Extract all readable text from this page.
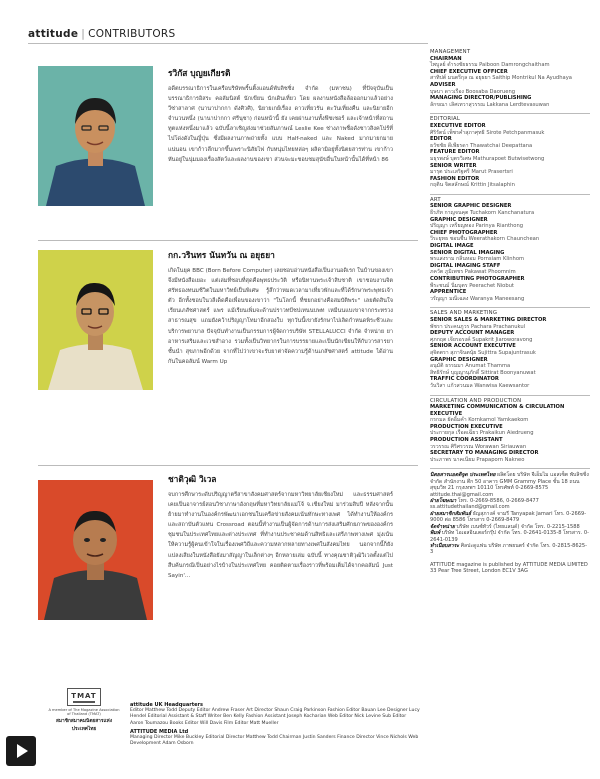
attitude | CONTRIBUTORS
รวิกัส บุญยเกียรติ
อดีตบรรณาธิการในเครือบริษัทพริ้นติ้งแอนด์พับลิชชิ่ง จำกัด (มหาชน) ที่ปัจจุบันเป็น บรรณาธิการอิสระ คอลัมนิสต์ นักเขียน นักเดินเที่ยว โดย ผลงานหนังสือล้อออกมาแล้วอย่าง วีซ่าสาลาศ (นานาปากกา ดังศิวศิ), นิยายเกย์เรื่อง ดาวเที่ยวรัน ตะวันเที่ยงคืน และนิยายอีกจำนวนหนึ่ง (นานาปากกา ศรีนุชา) ก่อนหน้านี้ ยัง เคยผ่านงานทั้งฟีชเชอร์ และเจ้าหน้าที่สถานทูตแห่งหนึ่งมาแล้ว ฉบับนี้ลาเชิญส่งมาช่วยสัมภาษณ์ Leslie Kee ช่างภาพชื่อดังชาวสิงคโปร์ที่ไปโด่งดังในญี่ปุ่น ซึ่งมีผลงานภาพถ่ายทั้ง แบบ Half-naked และ Naked มากมายกมาย แน่นอน เขาก้าวลึกมากขึ้นเพราะนิสัยไฟ กับหนุ่มไทยหล่อๆ ผลิดามิอยู่ทั้งนิตยสารท่าน เขาก้าวหันอยู่ในนุ่มมองเรื่องสัตว์และผลงานของเขา ส่วนจะมะชอบชมสุนัขอื่นในหน้านั้นได้ที่หน้า 86
กก.วรินทร นันทวัน ณ อยุธยา
เกิดในยุค BBC (Born Before Computer) เลยชอบอ่านหนังสือเป็นงานอดิเรก ในบ้านของเขาจึงมีหนังสือเยอะ แต่เล่มที่ชอบที่สุดคือพุทธประวัติ หรือนิทานพระเจ้าสิบชาติ เขาชอบงานจิตศรัทธองทนมชีวิตในมหาวิทย์เป็นพิเศษ รู้สึกว่าหมดเวลามาเที่ยวพักและที่ได้รักษาพระพุทธเจ้าตัว อีกทั้งชอบในวลีเด็ดคือเพื่อนของเขาว่า "ในโลกนี้ ที่ชยกอย่างคือสมบัติพระ" เลยตัดสินใจเรียนเภสัชศาสตร์ แพร แม้เรียนเพิ่มจะด้านปราวทบีชปเทนนบพท เหมีนนแบเขาจากกระทรวงสาธารณสุข แถมยังคว้าปริญญาโทมาอีกสองใบ ทุกวันนี้เขายังรักษาไปเลิดกำหนดพิระชีวและบริการพยาบาล ปัจจุบันทำงานเป็นกรรมการผู้จัดการบริษัท STELLALUCCI จำกัด จำหน่าย ยา อาหารเสริมและเวชสำอาง รวมทั้งเป็นวิทยากรในการบรรยายและเป็นนักเขียนให้กับวารสารยาชั้นนำ สุขภาพอีกด้วย จากที่ไปว่าเขาจะรับยาต่าจัดความรู้ด้านเภสัชศาสตร์ attitude ได้อ่านกันในคอลัมน์ Warm Up
ชาติวุฒิ วิเวล
จบการศึกษาระดับปริญญาตรีสาขาสังคมศาสตร์จากมหาวิทยาลัยเชียงใหม่ และธรรมศาสตร์ เคยเป็นอาจารย์สอนวิชาภาษาอังกฤษที่มหาวิทยาลัยแม่โจ้ จ.เชียงใหม่ มาร่วมสิบปี หลังจากนั้นย้ายมาทำงานในองค์กรพัฒนาเอกชนในเครือข่ายสังคมเน้นทักษะทางเพศ ได้ทำงานให้องค์กรและสถาบันตัวแทน Crossroad ตอนนี้ทำงานเป็นผู้จัดการด้านการส่งเสริมศักยภาพขององค์กรชุมชนในประเทศไทยและต่างประเทศ ที่ทำงานประชาคมด้านสิทธิและเสรีภาพทางเพศ มุ่งเน้นให้ความรู้ผู้คนเข้าใจในเรื่องเพศวิถีและความหลากหลายทางเพศในสังคมไทย นอกจากนี้ก็ยังแปลงเสียงในหนังสือยังมาสัญญาในเล็กต่างๆ อีกหลายเล่ม ฉบับนี้ ทางคุณชาติวุฒิวิเวลตั้งแต่ไปสืบค้นกรณีเป็นอย่างไรบ้างในประเทศไทย คอยติดตามเรื่องราวที่พร้อมเต็มได้จากคอลัมน์ Just Sayin'...
MANAGEMENT
CHAIRMAN
ไพบูลย์ ดำรงชัยธรรม Paiboon Damrongchaitham
CHIEF EXECUTIVE OFFICER
สาทิปต์ มนตรีกุล ณ อยุธยา Saithip Montrikul Na Ayudhaya
ADVISER
บุษบา ดาวเรือง Boosaba Daorueng
MANAGING DIRECTOR/PUBLISHING
ลักขณา เลิศเทวาสุวรรณ Lakkana Lerdtevasuwan
EDITORIAL
EXECUTIVE EDITOR
ศิริรัตน์ เพ็ชรคำสุภาศุทธิ Sirote Petchpanmasuk
EDITOR
ธวัชชัย ดีเพียรดา Thawatchai Deepattana
FEATURE EDITOR
มธุรพงษ์ บุตรวิเศษ Mathurapoet Butwisetwong
SENIOR WRITER
มารุต ประเสริฐศรี Marut Prasertsri
FASHION EDITOR
กฤติน จิตสลักษณ์ Krittin Jitsalaphin
ART
SENIOR GRAPHIC DESIGNER
ธีรภัท กาญจนคุต Tuchakorn Kanchanatura
GRAPHIC DESIGNER
ปริญญา เหรียญทอง Parinya Rianthong
CHIEF PHOTOGRAPHER
วีระยุทธ ชอนชื่น Weerathakorn Chaunchean
DIGITAL IMAGE
SENIOR DIGITAL IMAGING
พรแสงราม กลิ่นหอม Pornsiam Klinhom
DIGITAL IMAGING STAFF
ภควัต ภูมิเพชร Pakawat Phoomnim
CONTRIBUTING PHOTOGRAPHER
พีระชนม์ นิ่มบุตร Peerachet Niobut
APPRENTICE
วรัญญา มณีเฉลง Waranya Maneesang
SALES AND MARKETING
SENIOR SALES & MARKETING DIRECTOR
พัชรา ประคนภูวร Pachara Prachanukul
DEPUTY ACCOUNT MANAGER
ศุภกฤต เจียรอรงค์ Supakrit Jiaroworavong
SENIOR ACCOUNT EXECUTIVE
สุจิตตรา สุภาจินตนุ้ย Sujittra Supajuntrasuk
GRAPHIC DESIGNER
อนุมัติ ธรรมมา Anumat Thamma
สิทธิรักษ์ บุญญานุภักดิ์ Sittirat Boonyanuwat
TRAFFIC COORDINATOR
วันวิสา แก้วสวนมล Wanwisa Kaewsantor
CIRCULATION AND PRODUCTION
MARKETING COMMUNICATION & CIRCULATION EXECUTIVE
กรกมล ยัตอิ้มคำ Kornkamol Yamkaekom
PRODUCTION EXECUTIVE
ประกายกุล เรือดเฉี่ยว Prakaikun Aiedrueng
PRODUCTION ASSISTANT
วรวรรณ ศิริศรวรณ Worawan Siriauwan
SECRETARY TO MANAGING DIRECTOR
ประภาพร นาคเนียม Prapaporn Nakneo
นิตยสารแอตติจูด ประเทศไทย ผลิตโดย บริษัท จีเอ็มไม แอสเซ็ต พับลิชชิ่ง จำกัด สำนักงาน ตึก 50 อาคาร GMM Grammy Place ชั้น 18 ถนนสุขุมวิท 21 กรุงเทพฯ 10110 โทรศัพท์ 0-2669-8575 attitude.thai@gmail.com
ฝ่ายโฆษณา โทร. 0-2669-8586, 0-2669-8477 ss.attitudethailand@gmail.com
ฝ่ายสมาชิกสัมพันธ์ ธัญสุภางค์ จามรี Tanyapak Jamari โทร. 0-2669-9000 ต่อ 8586 โทรสาร 0-2669-8479
จัดจำหน่าย บริษัท เบนซ์ทัวร์ (ไทยแลนด์) จำกัด โทร. 0-2215-1588
พิมพ์ บริษัท ไอเอสอินเตอร์กรุ๊ป จำกัด โทร. 0-2641-0135-8 โทรสาร. 0-2641-0139
ทำเนียบสาระ ศิลปะดูแฟน บริษัท ภาพยนตร์ จำกัด โทร. 0-2815-8625-3
ATTITUDE magazine is published by ATTITUDE MEDIA LIMITED 33 Pear Tree Street, London EC1V 3AG
TMAT
A member of The Magazine Association of Thailand (TMAT)
สมาชิกสมาคมนิตยสารแห่งประเทศไทย
attitude UK Headquarters
Editor Matthew Todd Deputy Editor Andrew Fraser Art Director Shaun Craig Parkinson Fashion Editor Bauan Lee Designer Lucy Hendel Editorial Assistant & Staff Writer Ben Kelly Fashion Assistant Joseph Kocharian Web Editor Nick Levine Sub Editor Aaron Toumazou Books Editor Will Davis Film Editor Matt Mueller
ATTITUDE MEDIA Ltd
Managing Director Mike Buckley Editorial Director Matthew Todd Chairman Justin Sanders Finance Director Vince Nichols Web Development Adam Osborn
